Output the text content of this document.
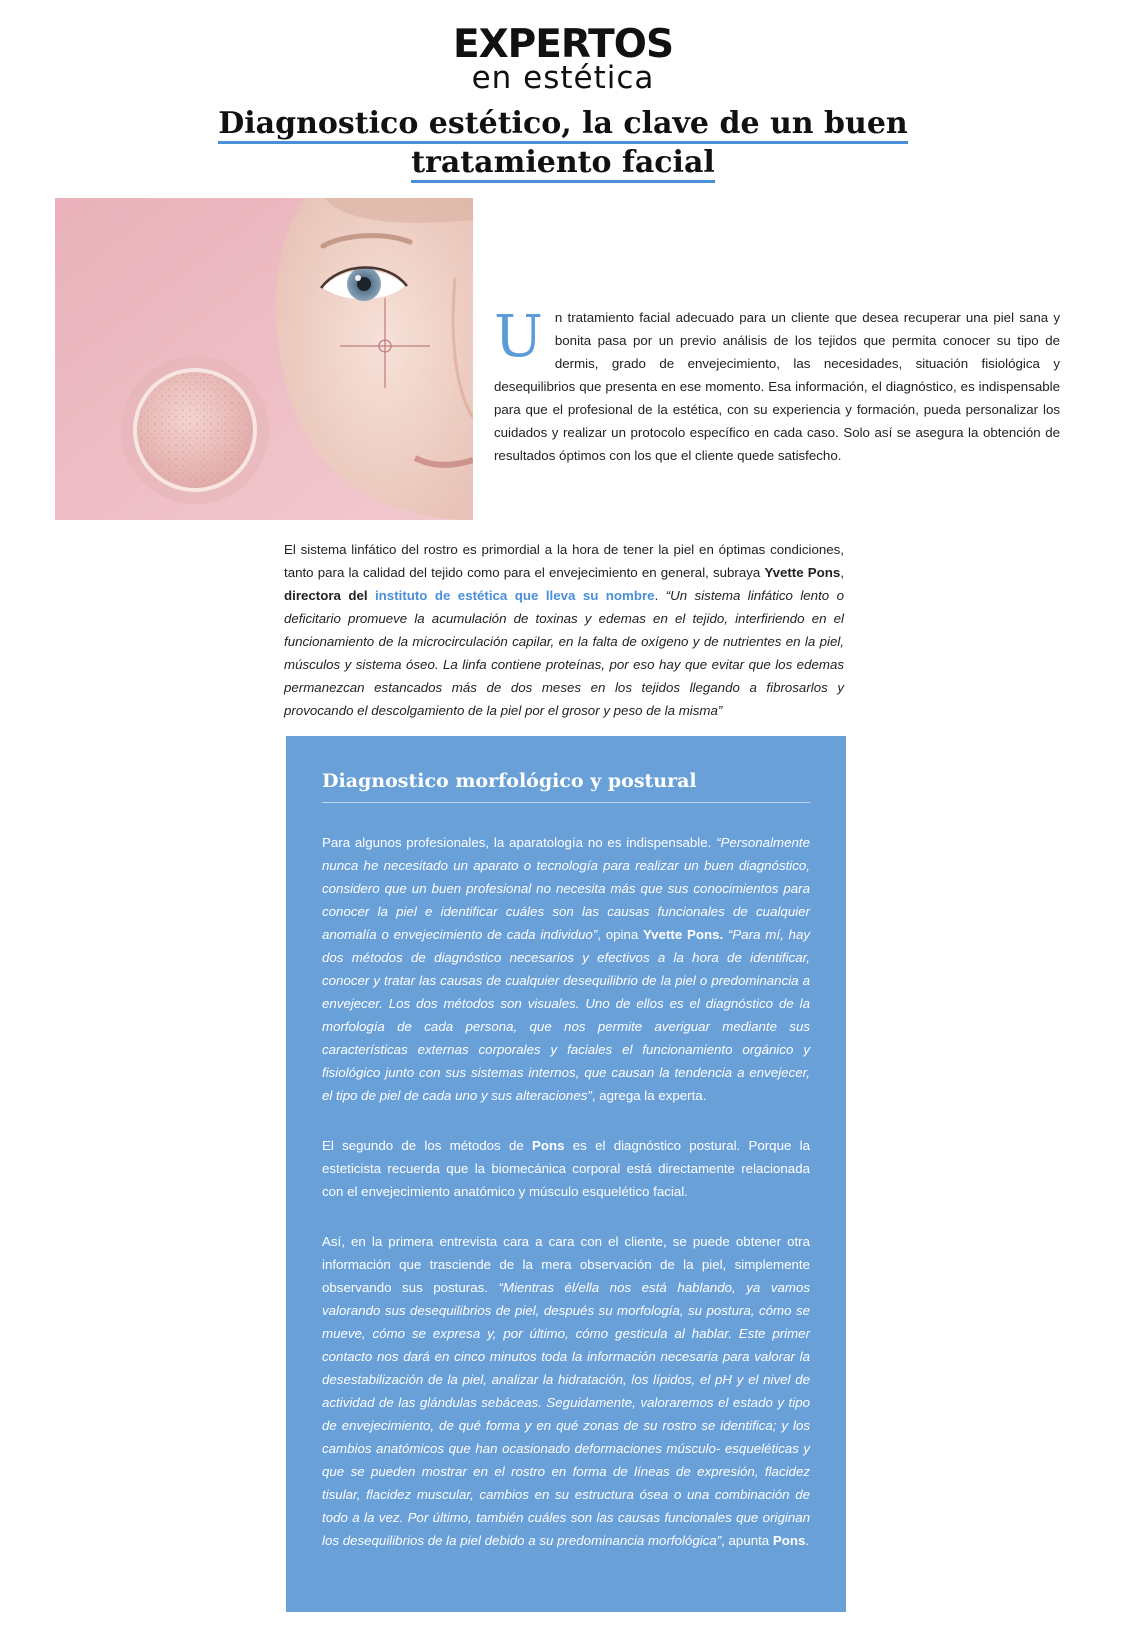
EXPERTOS
en estética
Diagnostico estético, la clave de un buen
tratamiento facial
U n tratamiento facial adecuado para un cliente que desea recuperar una piel sana y bonita pasa por un previo análisis de los tejidos que permita conocer su tipo de dermis, grado de envejecimiento, las necesidades, situación fisiológica y desequilibrios que presenta en ese momento. Esa información, el diagnóstico, es indispensable para que el profesional de la estética, con su experiencia y formación, pueda personalizar los cuidados y realizar un protocolo específico en cada caso. Solo así se asegura la obtención de resultados óptimos con los que el cliente quede satisfecho.

El sistema linfático del rostro es primordial a la hora de tener la piel en óptimas condiciones, tanto para la calidad del tejido como para el envejecimiento en general, subraya Yvette Pons, directora del instituto de estética que lleva su nombre. “Un sistema linfático lento o deficitario promueve la acumulación de toxinas y edemas en el tejido, interfiriendo en el funcionamiento de la microcirculación capilar, en la falta de oxígeno y de nutrientes en la piel, músculos y sistema óseo. La linfa contiene proteínas, por eso hay que evitar que los edemas permanezcan estancados más de dos meses en los tejidos llegando a fibrosarlos y provocando el descolgamiento de la piel por el grosor y peso de la misma”

Diagnostico morfológico y postural

Para algunos profesionales, la aparatología no es indispensable. “Personalmente nunca he necesitado un aparato o tecnología para realizar un buen diagnóstico, considero que un buen profesional no necesita más que sus conocimientos para conocer la piel e identificar cuáles son las causas funcionales de cualquier anomalía o envejecimiento de cada individuo”, opina Yvette Pons. “Para mí, hay dos métodos de diagnóstico necesarios y efectivos a la hora de identificar, conocer y tratar las causas de cualquier desequilibrio de la piel o predominancia a envejecer. Los dos métodos son visuales. Uno de ellos es el diagnóstico de la morfología de cada persona, que nos permite averiguar mediante sus características externas corporales y faciales el funcionamiento orgánico y fisiológico junto con sus sistemas internos, que causan la tendencia a envejecer, el tipo de piel de cada uno y sus alteraciones”, agrega la experta.

El segundo de los métodos de Pons es el diagnóstico postural. Porque la esteticista recuerda que la biomecánica corporal está directamente relacionada con el envejecimiento anatómico y músculo esquelético facial.

Así, en la primera entrevista cara a cara con el cliente, se puede obtener otra información que trasciende de la mera observación de la piel, simplemente observando sus posturas. “Mientras él/ella nos está hablando, ya vamos valorando sus desequilibrios de piel, después su morfología, su postura, cómo se mueve, cómo se expresa y, por último, cómo gesticula al hablar. Este primer contacto nos dará en cinco minutos toda la información necesaria para valorar la desestabilización de la piel, analizar la hidratación, los lípidos, el pH y el nivel de actividad de las glándulas sebáceas. Seguidamente, valoraremos el estado y tipo de envejecimiento, de qué forma y en qué zonas de su rostro se identifica; y los cambios anatómicos que han ocasionado deformaciones músculo- esqueléticas y que se pueden mostrar en el rostro en forma de líneas de expresión, flacidez tisular, flacidez muscular, cambios en su estructura ósea o una combinación de todo a la vez. Por último, también cuáles son las causas funcionales que originan los desequilibrios de la piel debido a su predominancia morfológica”, apunta Pons.
